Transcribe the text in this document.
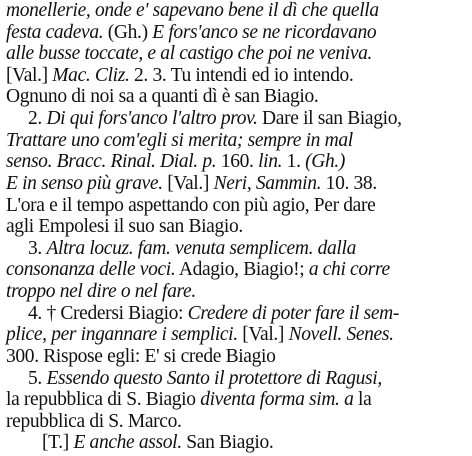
monellerie, onde e' sapevano bene il dì che quella
festa cadeva. (Gh.) E fors'anco se ne ricordavano
alle busse toccate, e al castigo che poi ne veniva.
[Val.] Mac. Cliz. 2. 3. Tu intendi ed io intendo.
Ognuno di noi sa a quanti dì è san Biagio.
2. Di qui fors'anco l'altro prov. Dare il san Biagio,
Trattare uno com'egli si merita; sempre in mal
senso. Bracc. Rinal. Dial. p. 160. lin. 1. (Gh.)
E in senso più grave. [Val.] Neri, Sammin. 10. 38.
L'ora e il tempo aspettando con più agio, Per dare
agli Empolesi il suo san Biagio.
3. Altra locuz. fam. venuta semplicem. dalla
consonanza delle voci. Adagio, Biagio!; a chi corre
troppo nel dire o nel fare.
4. † Credersi Biagio: Credere di poter fare il sem-
plice, per ingannare i semplici. [Val.] Novell. Senes.
300. Rispose egli: E' si crede Biagio
5. Essendo questo Santo il protettore di Ragusi,
la repubblica di S. Biagio diventa forma sim. a la
repubblica di S. Marco.
[T.] E anche assol. San Biagio.
